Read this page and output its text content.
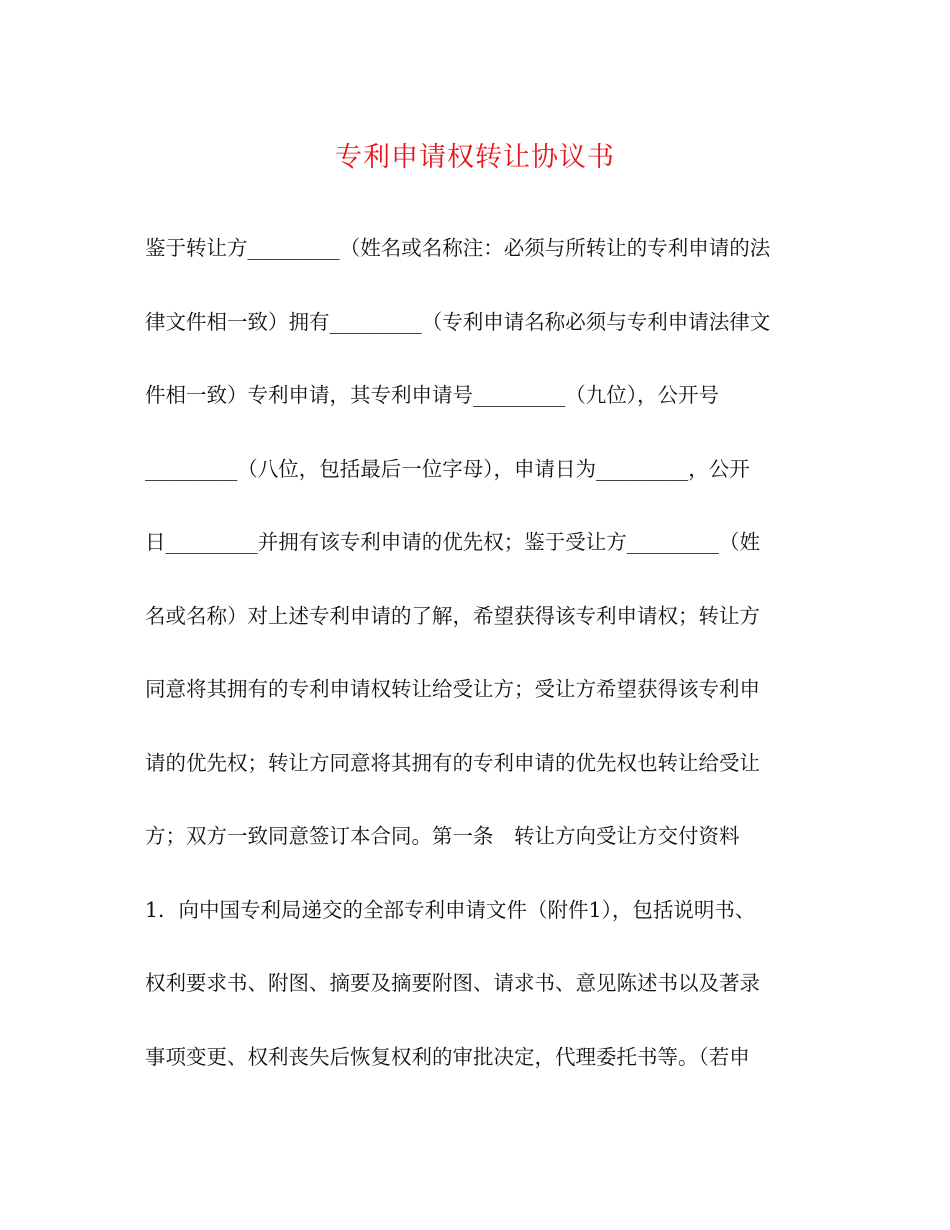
专利申请权转让协议书
鉴于转让方_________（姓名或名称注：必须与所转让的专利申请的法
律文件相一致）拥有_________（专利申请名称必须与专利申请法律文
件相一致）专利申请，其专利申请号_________（九位），公开号
_________（八位，包括最后一位字母），申请日为_________，公开
日_________并拥有该专利申请的优先权；鉴于受让方_________（姓
名或名称）对上述专利申请的了解，希望获得该专利申请权；转让方
同意将其拥有的专利申请权转让给受让方；受让方希望获得该专利申
请的优先权；转让方同意将其拥有的专利申请的优先权也转让给受让
方；双方一致同意签订本合同。第一条　转让方向受让方交付资料
1．向中国专利局递交的全部专利申请文件（附件1），包括说明书、
权利要求书、附图、摘要及摘要附图、请求书、意见陈述书以及著录
事项变更、权利丧失后恢复权利的审批决定，代理委托书等。（若申
